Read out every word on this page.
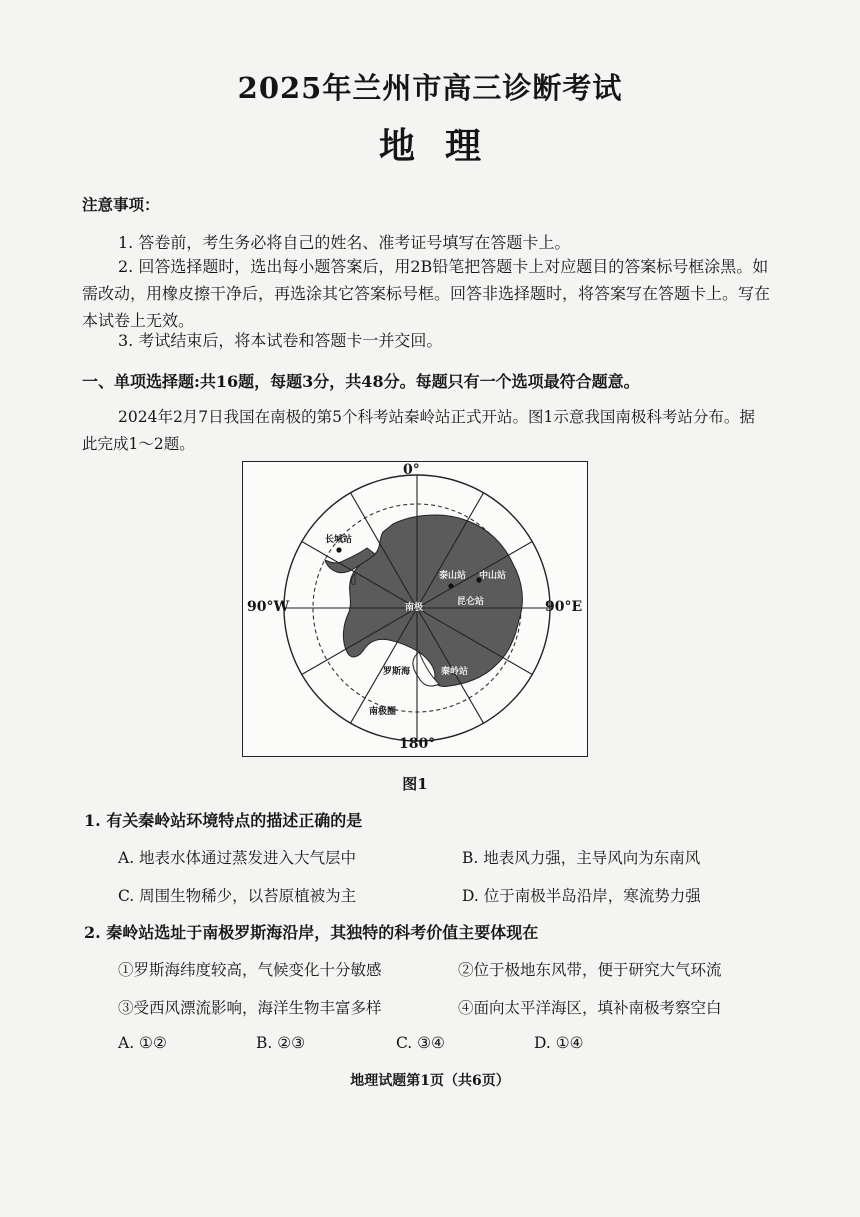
2025年兰州市高三诊断考试
地理
注意事项：
1. 答卷前，考生务必将自己的姓名、准考证号填写在答题卡上。
2. 回答选择题时，选出每小题答案后，用2B铅笔把答题卡上对应题目的答案标号框涂黑。如需改动，用橡皮擦干净后，再选涂其它答案标号框。回答非选择题时，将答案写在答题卡上。写在本试卷上无效。
3. 考试结束后，将本试卷和答题卡一并交回。
一、单项选择题:共16题，每题3分，共48分。每题只有一个选项最符合题意。
2024年2月7日我国在南极的第5个科考站秦岭站正式开站。图1示意我国南极科考站分布。据此完成1～2题。
0°
180°
90°W	90°E
长城站
泰山站 中山站
昆仑站
南极
罗斯海	秦岭站
南极圈
图1
1. 有关秦岭站环境特点的描述正确的是
A. 地表水体通过蒸发进入大气层中	B. 地表风力强，主导风向为东南风
C. 周围生物稀少，以苔原植被为主	D. 位于南极半岛沿岸，寒流势力强
2. 秦岭站选址于南极罗斯海沿岸，其独特的科考价值主要体现在
①罗斯海纬度较高，气候变化十分敏感	②位于极地东风带，便于研究大气环流
③受西风漂流影响，海洋生物丰富多样	④面向太平洋海区，填补南极考察空白
A. ①②	B. ②③	C. ③④	D. ①④
地理试题第1页（共6页）
